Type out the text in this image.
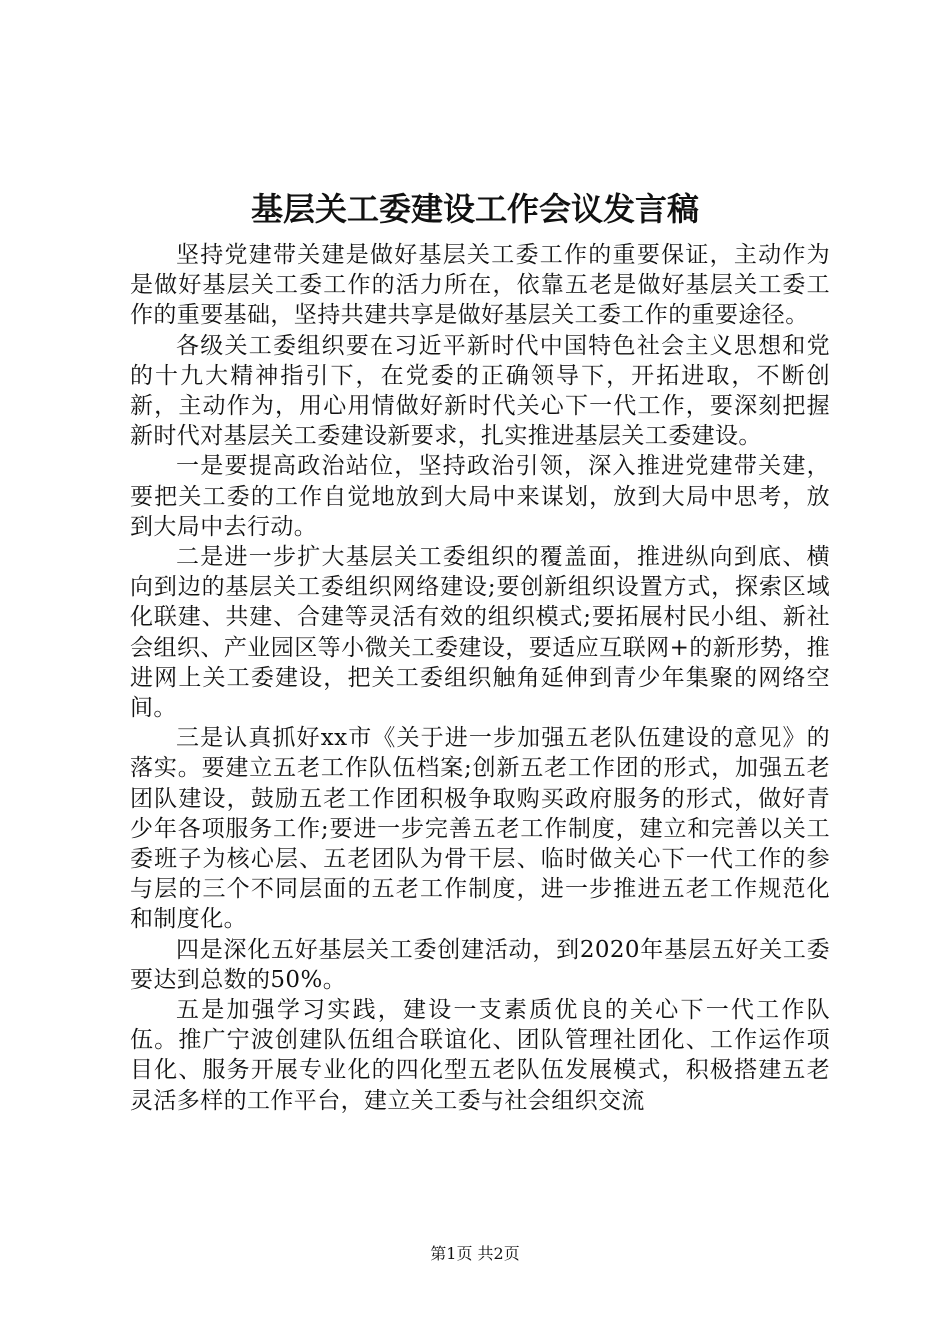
基层关工委建设工作会议发言稿

坚持党建带关建是做好基层关工委工作的重要保证，主动作为是做好基层关工委工作的活力所在，依靠五老是做好基层关工委工作的重要基础，坚持共建共享是做好基层关工委工作的重要途径。

各级关工委组织要在习近平新时代中国特色社会主义思想和党的十九大精神指引下，在党委的正确领导下，开拓进取，不断创新，主动作为，用心用情做好新时代关心下一代工作，要深刻把握新时代对基层关工委建设新要求，扎实推进基层关工委建设。

一是要提高政治站位，坚持政治引领，深入推进党建带关建，要把关工委的工作自觉地放到大局中来谋划，放到大局中思考，放到大局中去行动。

二是进一步扩大基层关工委组织的覆盖面，推进纵向到底、横向到边的基层关工委组织网络建设;要创新组织设置方式，探索区域化联建、共建、合建等灵活有效的组织模式;要拓展村民小组、新社会组织、产业园区等小微关工委建设，要适应互联网+的新形势，推进网上关工委建设，把关工委组织触角延伸到青少年集聚的网络空间。

三是认真抓好xx市《关于进一步加强五老队伍建设的意见》的落实。要建立五老工作队伍档案;创新五老工作团的形式，加强五老团队建设，鼓励五老工作团积极争取购买政府服务的形式，做好青少年各项服务工作;要进一步完善五老工作制度，建立和完善以关工委班子为核心层、五老团队为骨干层、临时做关心下一代工作的参与层的三个不同层面的五老工作制度，进一步推进五老工作规范化和制度化。

四是深化五好基层关工委创建活动，到2020年基层五好关工委要达到总数的50%。

五是加强学习实践，建设一支素质优良的关心下一代工作队伍。推广宁波创建队伍组合联谊化、团队管理社团化、工作运作项目化、服务开展专业化的四化型五老队伍发展模式，积极搭建五老灵活多样的工作平台，建立关工委与社会组织交流

第1页 共2页
